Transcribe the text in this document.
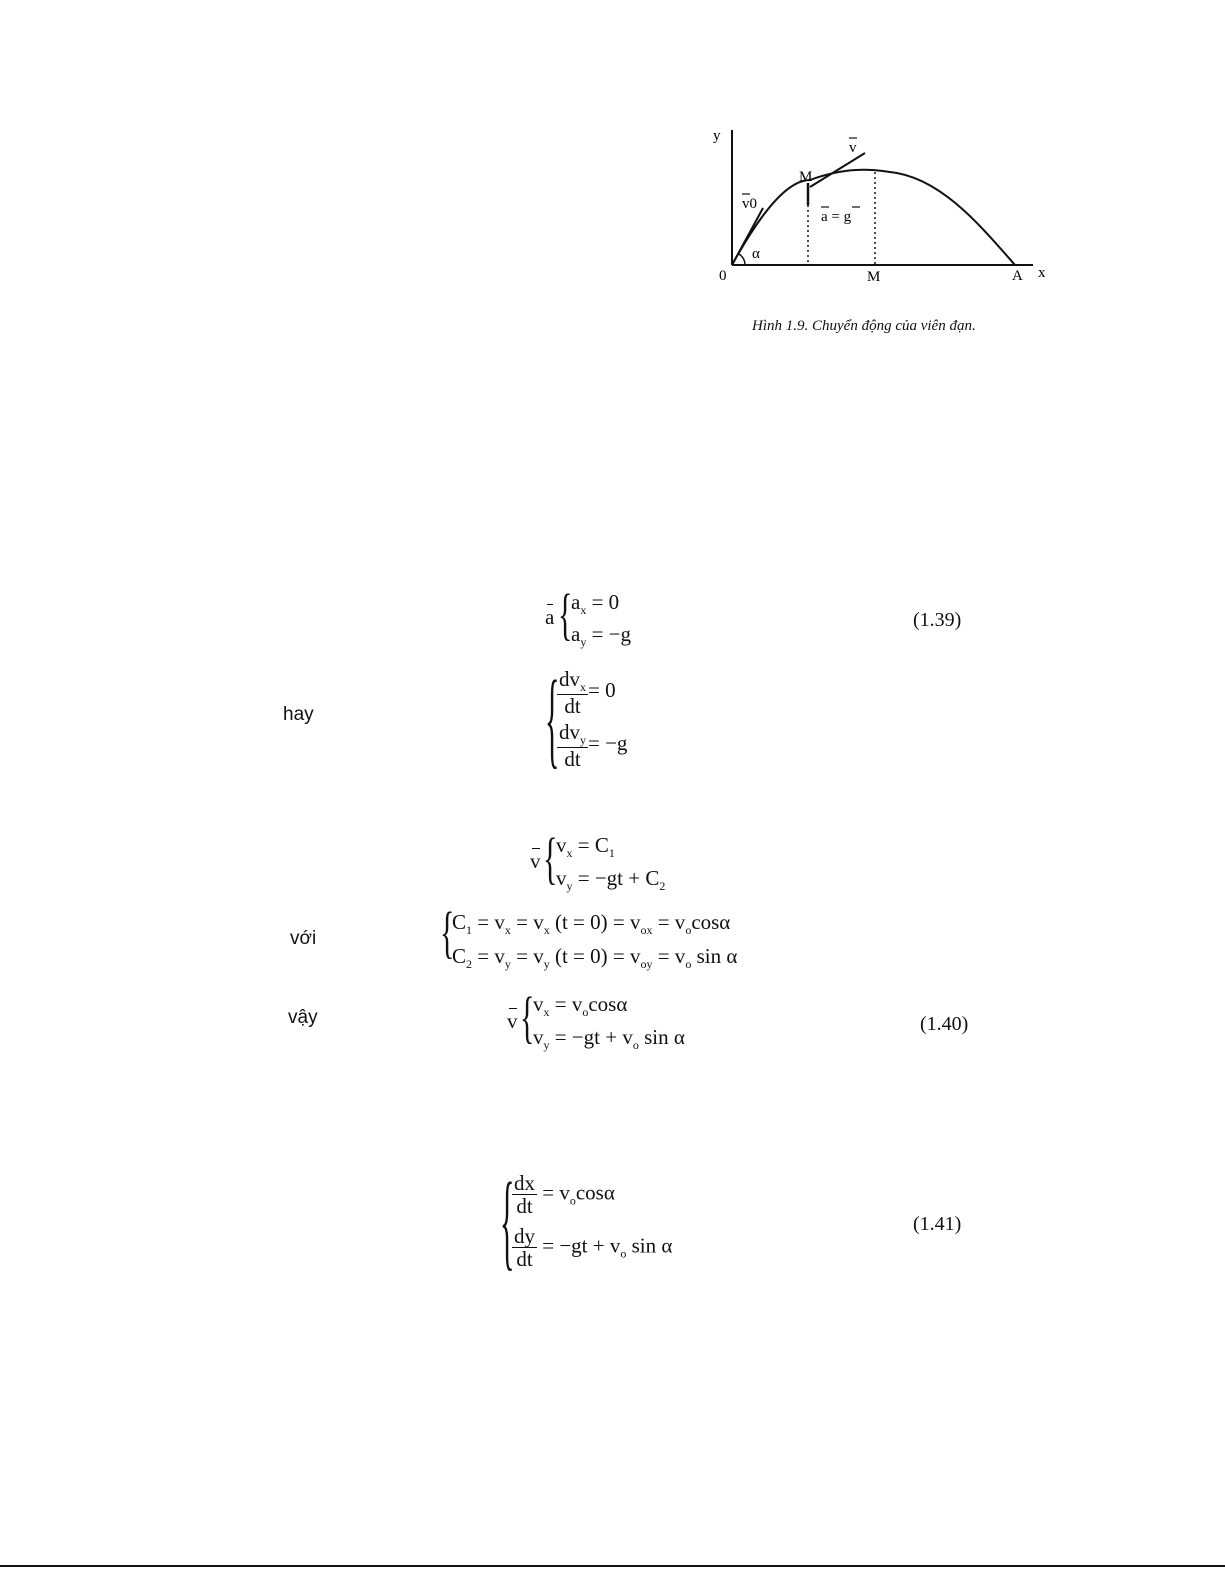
y
x
0
v
v0
α
M
M	A
a = g
Hình 1.9. Chuyển động của viên đạn.
a {
$a_x = 0$
$a_y = -g$
(1.39)
hay	{
$\frac{dv_x}{dt} = 0$
$\frac{dv_y}{dt} = -g$
v {
$v_x = C_1$
$v_y = -gt + C_2$
với	{
$C_1 = v_x = v_x$ $(t = 0) = v_{ox} = v_o\cos\alpha$
$C_2 = v_y = v_y$ $(t = 0) = v_{oy} = v_o$ sin α
vậy	v {
$v_x = v_o\cos\alpha$
$v_y = -gt + v_o$ sin α
(1.40)
{
$\frac{dx}{dt} = v_o\cos\alpha$
$\frac{dy}{dt} = -gt + v_o$ sin α
(1.41)
